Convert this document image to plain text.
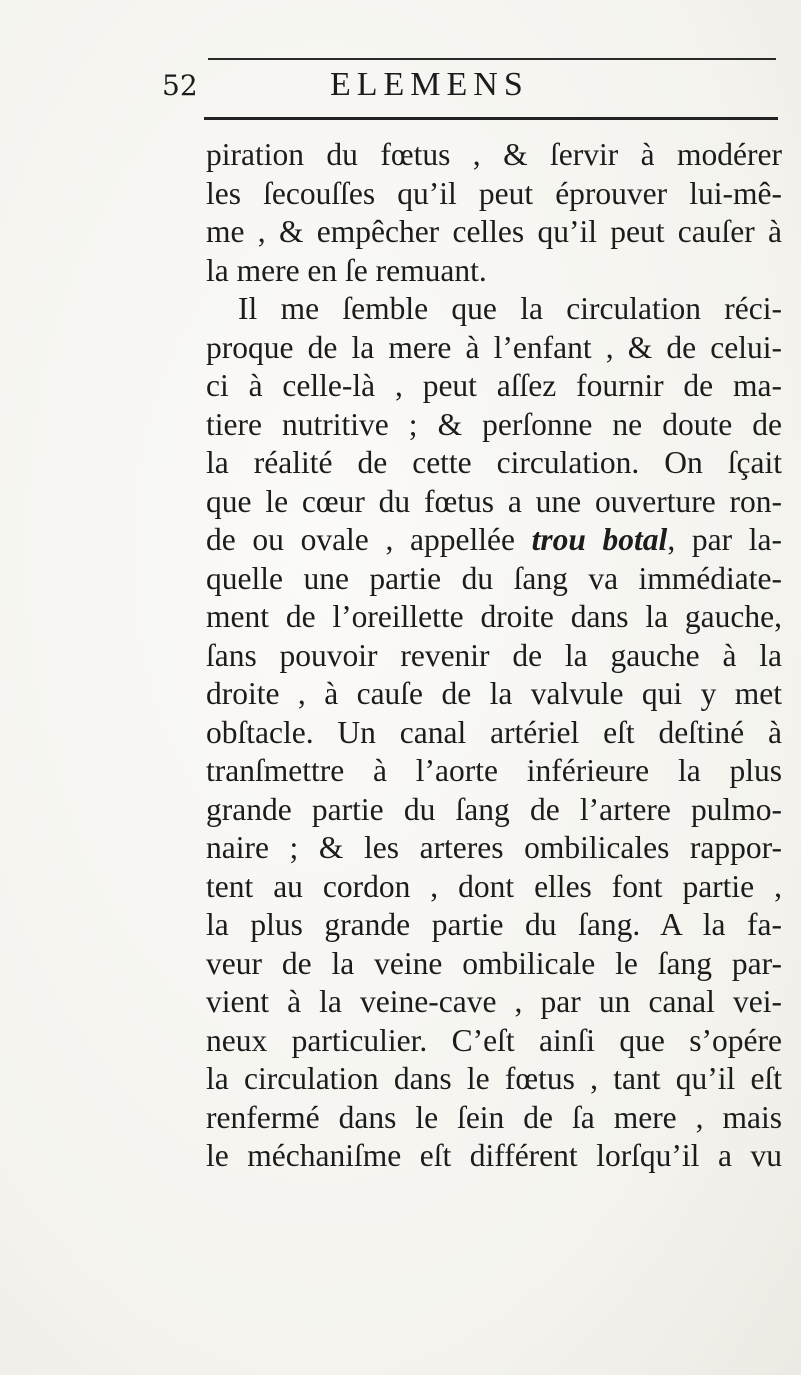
52	ELEMENS
piration du fœtus , & ſervir à modérer
les ſecouſſes qu’il peut éprouver lui-mê-
me , & empêcher celles qu’il peut cauſer à
la mere en ſe remuant.
Il me ſemble que la circulation réci-
proque de la mere à l’enfant , & de celui-
ci à celle-là , peut aſſez fournir de ma-
tiere nutritive ; & perſonne ne doute de
la réalité de cette circulation. On ſçait
que le cœur du fœtus a une ouverture ron-
de ou ovale , appellée trou botal, par la-
quelle une partie du ſang va immédiate-
ment de l’oreillette droite dans la gauche,
ſans pouvoir revenir de la gauche à la
droite , à cauſe de la valvule qui y met
obſtacle. Un canal artériel eſt deſtiné à
tranſmettre à l’aorte inférieure la plus
grande partie du ſang de l’artere pulmo-
naire ; & les arteres ombilicales rappor-
tent au cordon , dont elles font partie ,
la plus grande partie du ſang. A la fa-
veur de la veine ombilicale le ſang par-
vient à la veine-cave , par un canal vei-
neux particulier. C’eſt ainſi que s’opére
la circulation dans le fœtus , tant qu’il eſt
renfermé dans le ſein de ſa mere , mais
le méchaniſme eſt différent lorſqu’il a vu
